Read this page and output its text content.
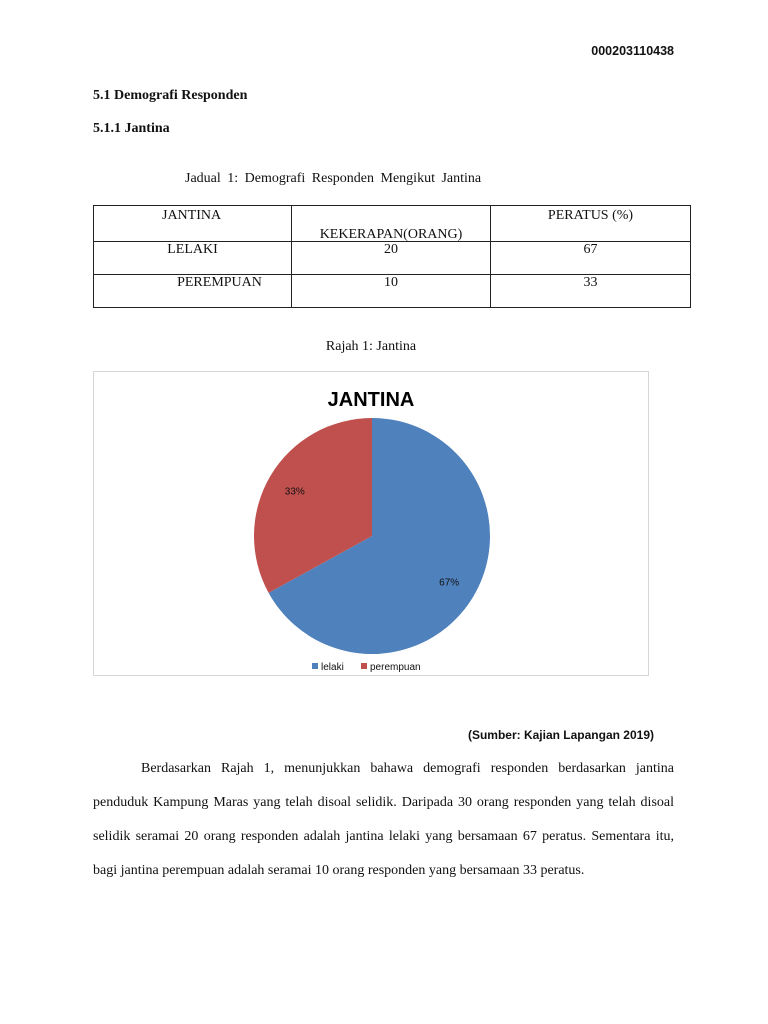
000203110438
5.1 Demografi Responden
5.1.1 Jantina
Jadual 1: Demografi Responden Mengikut Jantina
JANTINA	KEKERAPAN(ORANG)	PERATUS (%)
LELAKI	20	67
PEREMPUAN	10	33
Rajah 1: Jantina
JANTINA
67%
33%
lelaki	perempuan
(Sumber: Kajian Lapangan 2019)

Berdasarkan Rajah 1, menunjukkan bahawa demografi responden berdasarkan jantina penduduk Kampung Maras yang telah disoal selidik. Daripada 30 orang responden yang telah disoal selidik seramai 20 orang responden adalah jantina lelaki yang bersamaan 67 peratus. Sementara itu, bagi jantina perempuan adalah seramai 10 orang responden yang bersamaan 33 peratus.
